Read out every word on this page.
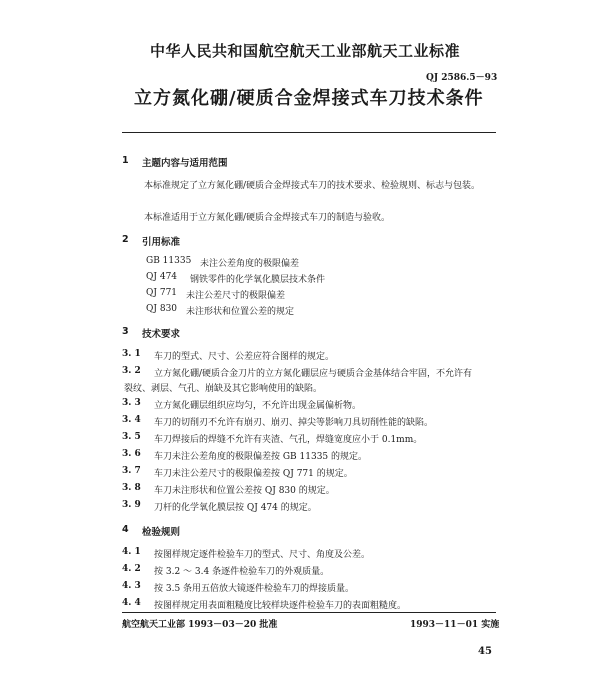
中华人民共和国航空航天工业部航天工业标准
QJ 2586.5－93
立方氮化硼/硬质合金焊接式车刀技术条件
1 主题内容与适用范围
本标准规定了立方氮化硼/硬质合金焊接式车刀的技术要求、检验规则、标志与包装。
本标准适用于立方氮化硼/硬质合金焊接式车刀的制造与验收。
2 引用标准
GB 11335 未注公差角度的极限偏差
QJ 474 钢铁零件的化学氧化膜层技术条件
QJ 771 未注公差尺寸的极限偏差
QJ 830 未注形状和位置公差的规定
3 技术要求
3. 1 车刀的型式、尺寸、公差应符合图样的规定。
3. 2 立方氮化硼/硬质合金刀片的立方氮化硼层应与硬质合金基体结合牢固，不允许有
裂纹、剥层、气孔、崩缺及其它影响使用的缺陷。
3. 3 立方氮化硼层组织应均匀，不允许出现金属偏析物。
3. 4 车刀的切削刃不允许有崩刃、崩刃、掉尖等影响刀具切削性能的缺陷。
3. 5 车刀焊接后的焊缝不允许有夹渣、气孔，焊缝宽度应小于 0.1mm。
3. 6 车刀未注公差角度的极限偏差按 GB 11335 的规定。
3. 7 车刀未注公差尺寸的极限偏差按 QJ 771 的规定。
3. 8 车刀未注形状和位置公差按 QJ 830 的规定。
3. 9 刀杆的化学氧化膜层按 QJ 474 的规定。
4 检验规则
4. 1 按图样规定逐件检验车刀的型式、尺寸、角度及公差。
4. 2 按 3.2 ～ 3.4 条逐件检验车刀的外观质量。
4. 3 按 3.5 条用五倍放大镜逐件检验车刀的焊接质量。
4. 4 按图样规定用表面粗糙度比较样块逐件检验车刀的表面粗糙度。
航空航天工业部 1993－03－20 批准	1993－11－01 实施
45
